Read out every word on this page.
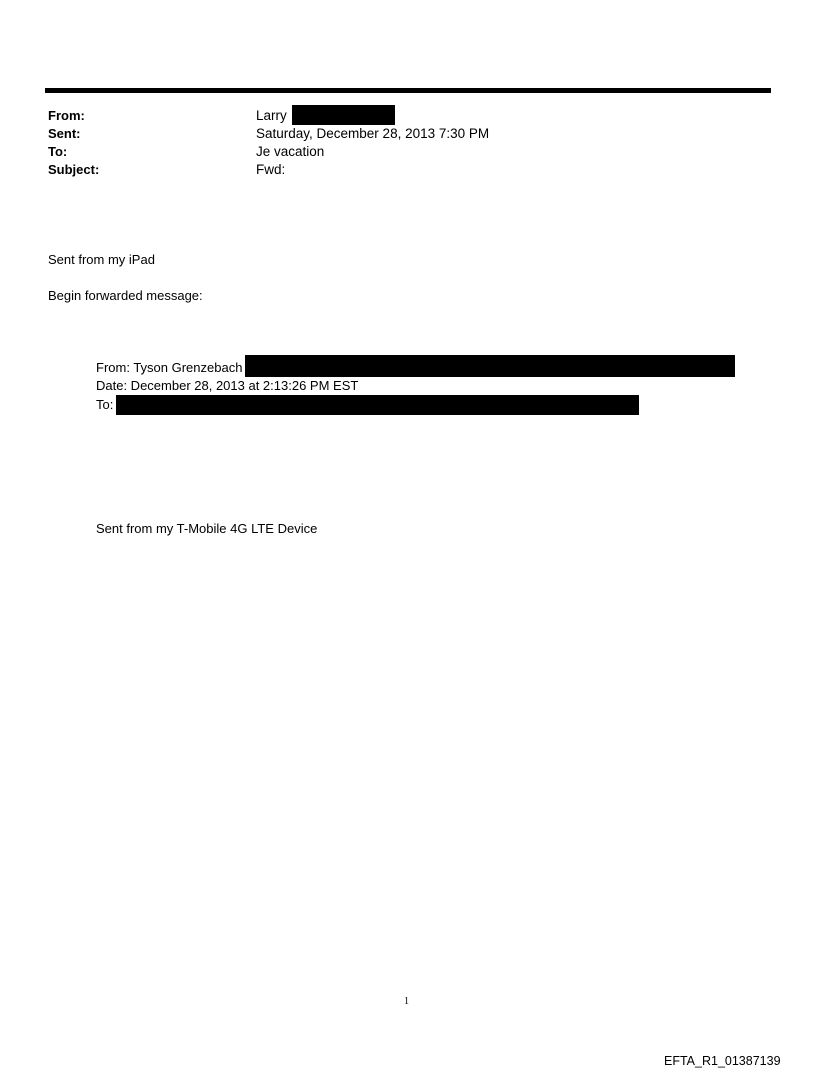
From:	Larry
Sent:	Saturday, December 28, 2013 7:30 PM
To:	Je vacation
Subject:	Fwd:
Sent from my iPad
Begin forwarded message:
From: Tyson Grenzebach
Date: December 28, 2013 at 2:13:26 PM EST
To:
Sent from my T-Mobile 4G LTE Device
1
EFTA_R1_01387139
